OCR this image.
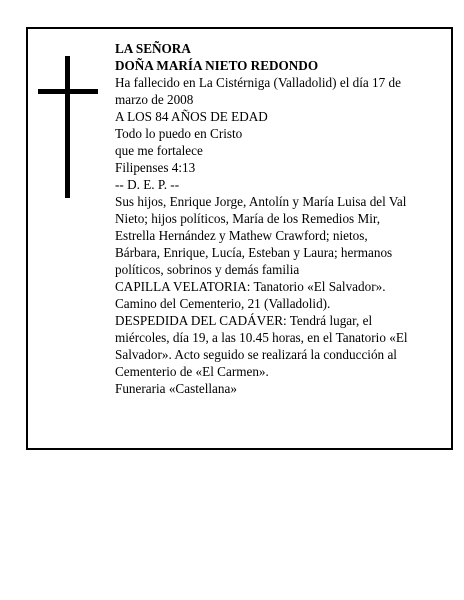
LA SEÑORA

DOÑA MARÍA NIETO REDONDO

Ha fallecido en La Cistérniga (Valladolid) el día 17 de marzo de 2008

A LOS 84 AÑOS DE EDAD

Todo lo puedo en Cristo

que me fortalece

Filipenses 4:13

-- D. E. P. --

Sus hijos, Enrique Jorge, Antolín y María Luisa del Val Nieto; hijos políticos, María de los Remedios Mir, Estrella Hernández y Mathew Crawford; nietos, Bárbara, Enrique, Lucía, Esteban y Laura; hermanos políticos, sobrinos y demás familia

CAPILLA VELATORIA: Tanatorio «El Salvador».

Camino del Cementerio, 21 (Valladolid).

DESPEDIDA DEL CADÁVER: Tendrá lugar, el miércoles, día 19, a las 10.45 horas, en el Tanatorio «El Salvador». Acto seguido se realizará la conducción al Cementerio de «El Carmen».

Funeraria «Castellana»
